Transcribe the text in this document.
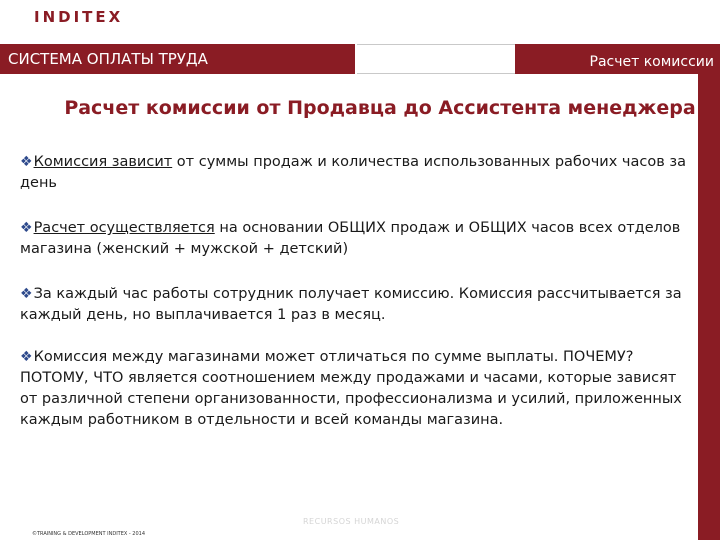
INDITEX
СИСТЕМА ОПЛАТЫ ТРУДА	Расчет комиссии
Расчет комиссии от Продавца до Ассистента менеджера
❖Комиссия зависит от суммы продаж и количества использованных рабочих часов за день
❖Расчет осуществляется на основании ОБЩИХ продаж и ОБЩИХ часов всех отделов магазина (женский + мужской + детский)
❖За каждый час работы сотрудник получает комиссию. Комиссия рассчитывается за каждый день, но выплачивается 1 раз в месяц.
❖Комиссия между магазинами может отличаться по сумме выплаты. ПОЧЕМУ? ПОТОМУ, ЧТО является соотношением между продажами и часами, которые зависят от различной степени организованности, профессионализма и усилий, приложенных каждым работником в отдельности и всей команды магазина.
RECURSOS HUMANOS
©TRAINING & DEVELOPMENT INDITEX - 2014
